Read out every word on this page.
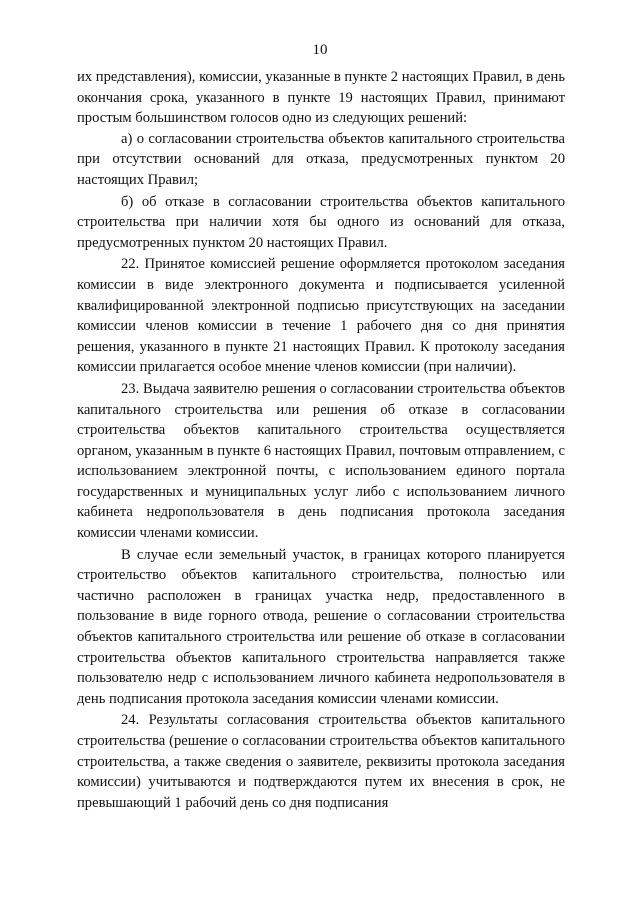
10

их представления), комиссии, указанные в пункте 2 настоящих Правил, в день окончания срока, указанного в пункте 19 настоящих Правил, принимают простым большинством голосов одно из следующих решений:

а) о согласовании строительства объектов капитального строительства при отсутствии оснований для отказа, предусмотренных пунктом 20 настоящих Правил;

б) об отказе в согласовании строительства объектов капитального строительства при наличии хотя бы одного из оснований для отказа, предусмотренных пунктом 20 настоящих Правил.

22. Принятое комиссией решение оформляется протоколом заседания комиссии в виде электронного документа и подписывается усиленной квалифицированной электронной подписью присутствующих на заседании комиссии членов комиссии в течение 1 рабочего дня со дня принятия решения, указанного в пункте 21 настоящих Правил. К протоколу заседания комиссии прилагается особое мнение членов комиссии (при наличии).

23. Выдача заявителю решения о согласовании строительства объектов капитального строительства или решения об отказе в согласовании строительства объектов капитального строительства осуществляется органом, указанным в пункте 6 настоящих Правил, почтовым отправлением, с использованием электронной почты, с использованием единого портала государственных и муниципальных услуг либо с использованием личного кабинета недропользователя в день подписания протокола заседания комиссии членами комиссии.

В случае если земельный участок, в границах которого планируется строительство объектов капитального строительства, полностью или частично расположен в границах участка недр, предоставленного в пользование в виде горного отвода, решение о согласовании строительства объектов капитального строительства или решение об отказе в согласовании строительства объектов капитального строительства направляется также пользователю недр с использованием личного кабинета недропользователя в день подписания протокола заседания комиссии членами комиссии.

24. Результаты согласования строительства объектов капитального строительства (решение о согласовании строительства объектов капитального строительства, а также сведения о заявителе, реквизиты протокола заседания комиссии) учитываются и подтверждаются путем их внесения в срок, не превышающий 1 рабочий день со дня подписания
